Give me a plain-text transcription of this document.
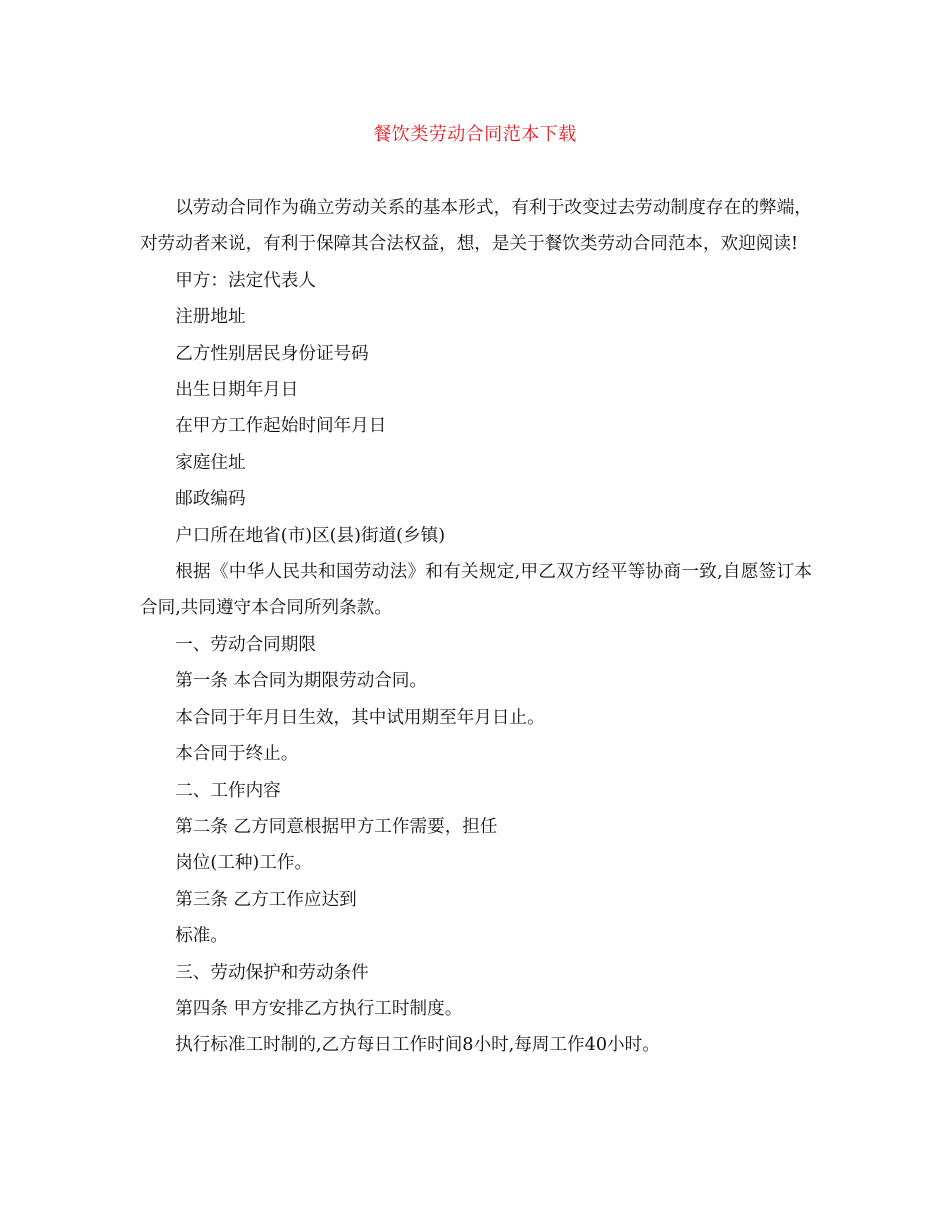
餐饮类劳动合同范本下载

以劳动合同作为确立劳动关系的基本形式，有利于改变过去劳动制度存在的弊端，对劳动者来说，有利于保障其合法权益，想，是关于餐饮类劳动合同范本，欢迎阅读!

甲方：法定代表人

注册地址

乙方性别居民身份证号码

出生日期年月日

在甲方工作起始时间年月日

家庭住址

邮政编码

户口所在地省(市)区(县)街道(乡镇)

根据《中华人民共和国劳动法》和有关规定,甲乙双方经平等协商一致,自愿签订本合同,共同遵守本合同所列条款。

一、劳动合同期限

第一条 本合同为期限劳动合同。

本合同于年月日生效，其中试用期至年月日止。

本合同于终止。

二、工作内容

第二条 乙方同意根据甲方工作需要，担任

岗位(工种)工作。

第三条 乙方工作应达到

标准。

三、劳动保护和劳动条件

第四条 甲方安排乙方执行工时制度。

执行标准工时制的,乙方每日工作时间8小时,每周工作40小时。
